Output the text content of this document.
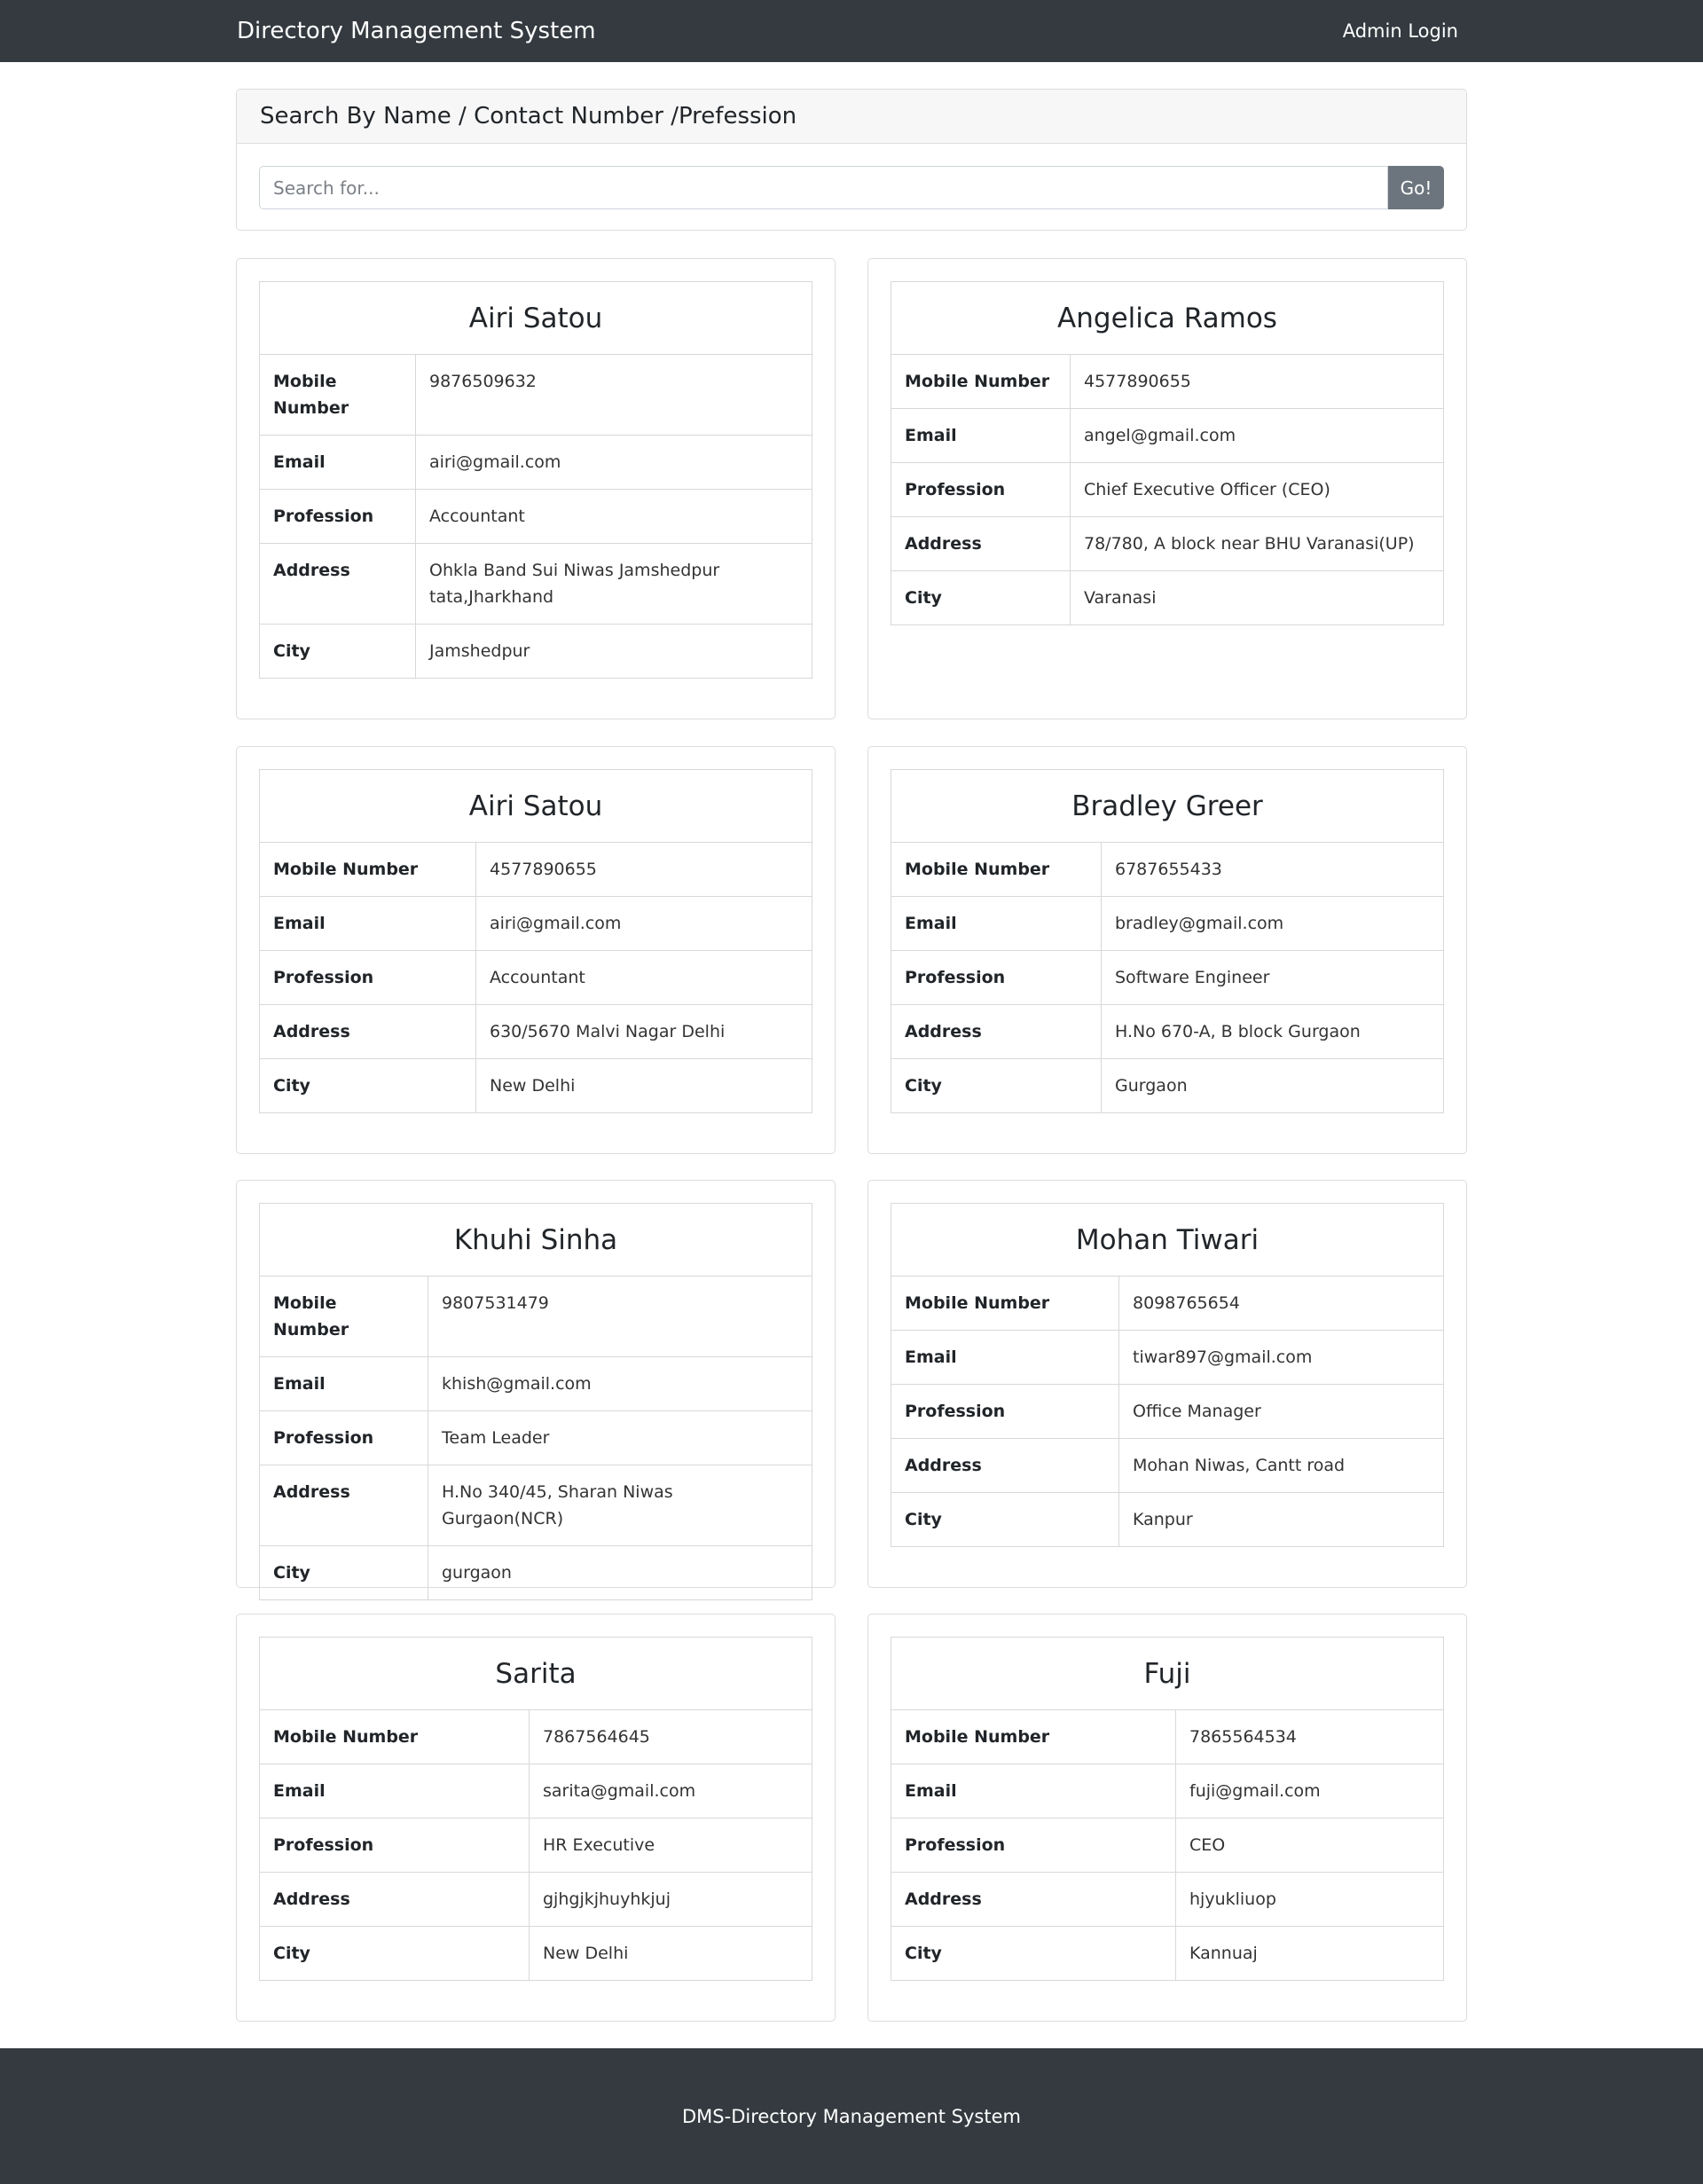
Directory Management System	Admin Login
Search By Name / Contact Number /Prefession
Search for...
Go!
Airi Satou	
Mobile Number	9876509632
Email	airi@gmail.com
Profession	Accountant
Address	Ohkla Band Sui Niwas Jamshedpur tata,Jharkhand
City	Jamshedpur
Angelica Ramos	
Mobile Number	4577890655
Email	angel@gmail.com
Profession	Chief Executive Officer (CEO)
Address	78/780, A block near BHU Varanasi(UP)
City	Varanasi
Airi Satou	
Mobile Number	4577890655
Email	airi@gmail.com
Profession	Accountant
Address	630/5670 Malvi Nagar Delhi
City	New Delhi
Bradley Greer	
Mobile Number	6787655433
Email	bradley@gmail.com
Profession	Software Engineer
Address	H.No 670-A, B block Gurgaon
City	Gurgaon
Khuhi Sinha	
Mobile Number	9807531479
Email	khish@gmail.com
Profession	Team Leader
Address	H.No 340/45, Sharan Niwas Gurgaon(NCR)
City	gurgaon
Mohan Tiwari	
Mobile Number	8098765654
Email	tiwar897@gmail.com
Profession	Office Manager
Address	Mohan Niwas, Cantt road
City	Kanpur
Sarita	
Mobile Number	7867564645
Email	sarita@gmail.com
Profession	HR Executive
Address	gjhgjkjhuyhkjuj
City	New Delhi
Fuji	
Mobile Number	7865564534
Email	fuji@gmail.com
Profession	CEO
Address	hjyukliuop
City	Kannuaj
DMS-Directory Management System
